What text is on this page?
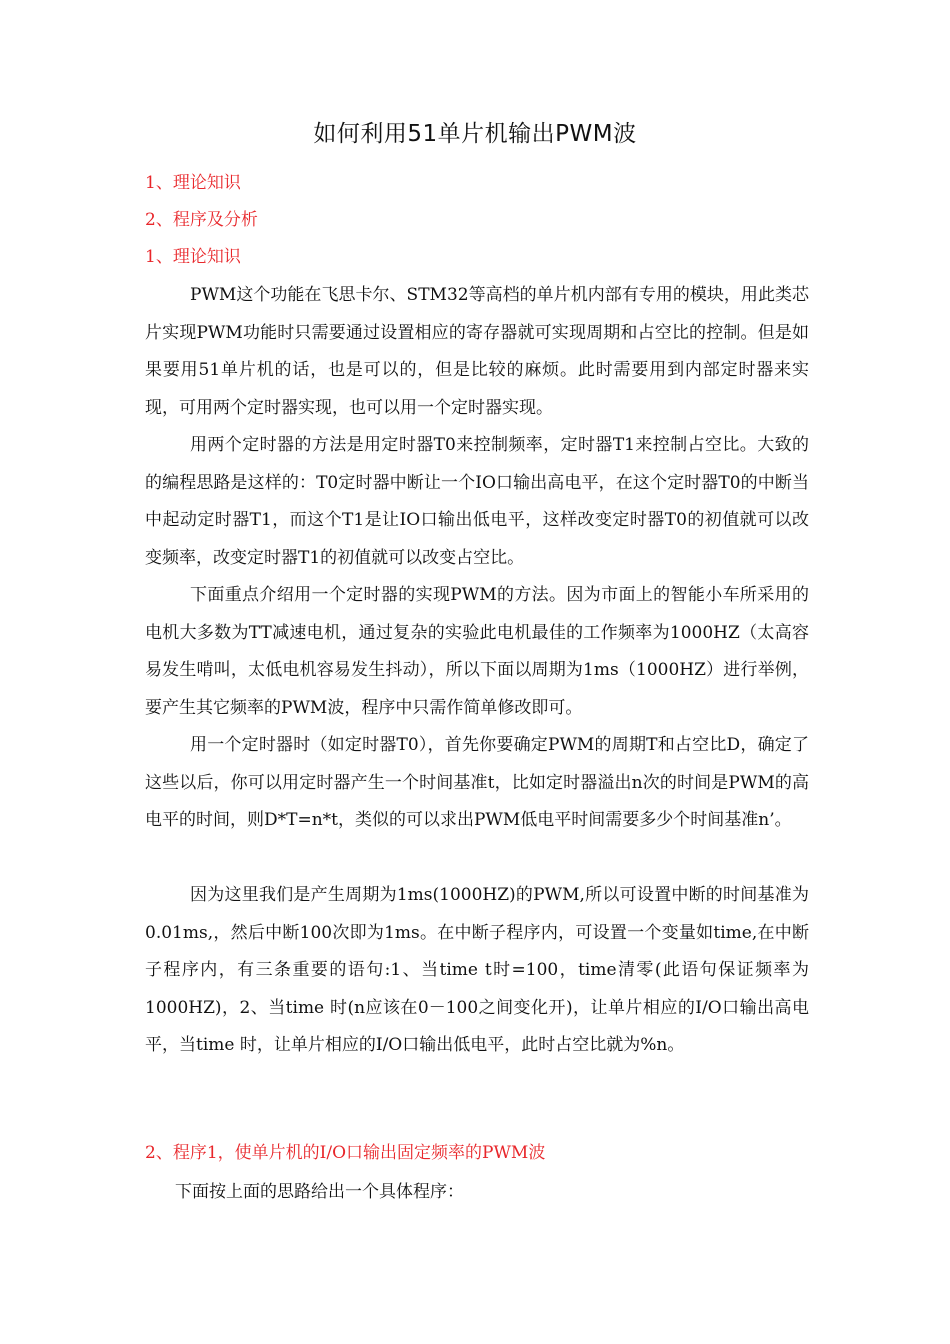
如何利用51单片机输出PWM波

1、理论知识

2、程序及分析

1、理论知识

PWM这个功能在飞思卡尔、STM32等高档的单片机内部有专用的模块，用此类芯片实现PWM功能时只需要通过设置相应的寄存器就可实现周期和占空比的控制。但是如果要用51单片机的话，也是可以的，但是比较的麻烦。此时需要用到内部定时器来实现，可用两个定时器实现，也可以用一个定时器实现。

用两个定时器的方法是用定时器T0来控制频率，定时器T1来控制占空比。大致的的编程思路是这样的：T0定时器中断让一个IO口输出高电平，在这个定时器T0的中断当中起动定时器T1，而这个T1是让IO口输出低电平，这样改变定时器T0的初值就可以改变频率，改变定时器T1的初值就可以改变占空比。

下面重点介绍用一个定时器的实现PWM的方法。因为市面上的智能小车所采用的电机大多数为TT减速电机，通过复杂的实验此电机最佳的工作频率为1000HZ（太高容易发生啃叫，太低电机容易发生抖动），所以下面以周期为1ms（1000HZ）进行举例，要产生其它频率的PWM波，程序中只需作简单修改即可。

用一个定时器时（如定时器T0），首先你要确定PWM的周期T和占空比D，确定了这些以后，你可以用定时器产生一个时间基准t，比如定时器溢出n次的时间是PWM的高电平的时间，则D*T=n*t，类似的可以求出PWM低电平时间需要多少个时间基准n’。

因为这里我们是产生周期为1ms(1000HZ)的PWM,所以可设置中断的时间基准为0.01ms,，然后中断100次即为1ms。在中断子程序内，可设置一个变量如time,在中断子程序内，有三条重要的语句:1、当time t时=100，time清零(此语句保证频率为1000HZ)，2、当time 时(n应该在0－100之间变化开)，让单片相应的I/O口输出高电平，当time 时，让单片相应的I/O口输出低电平，此时占空比就为%n。

2、程序1，使单片机的I/O口输出固定频率的PWM波

下面按上面的思路给出一个具体程序：
